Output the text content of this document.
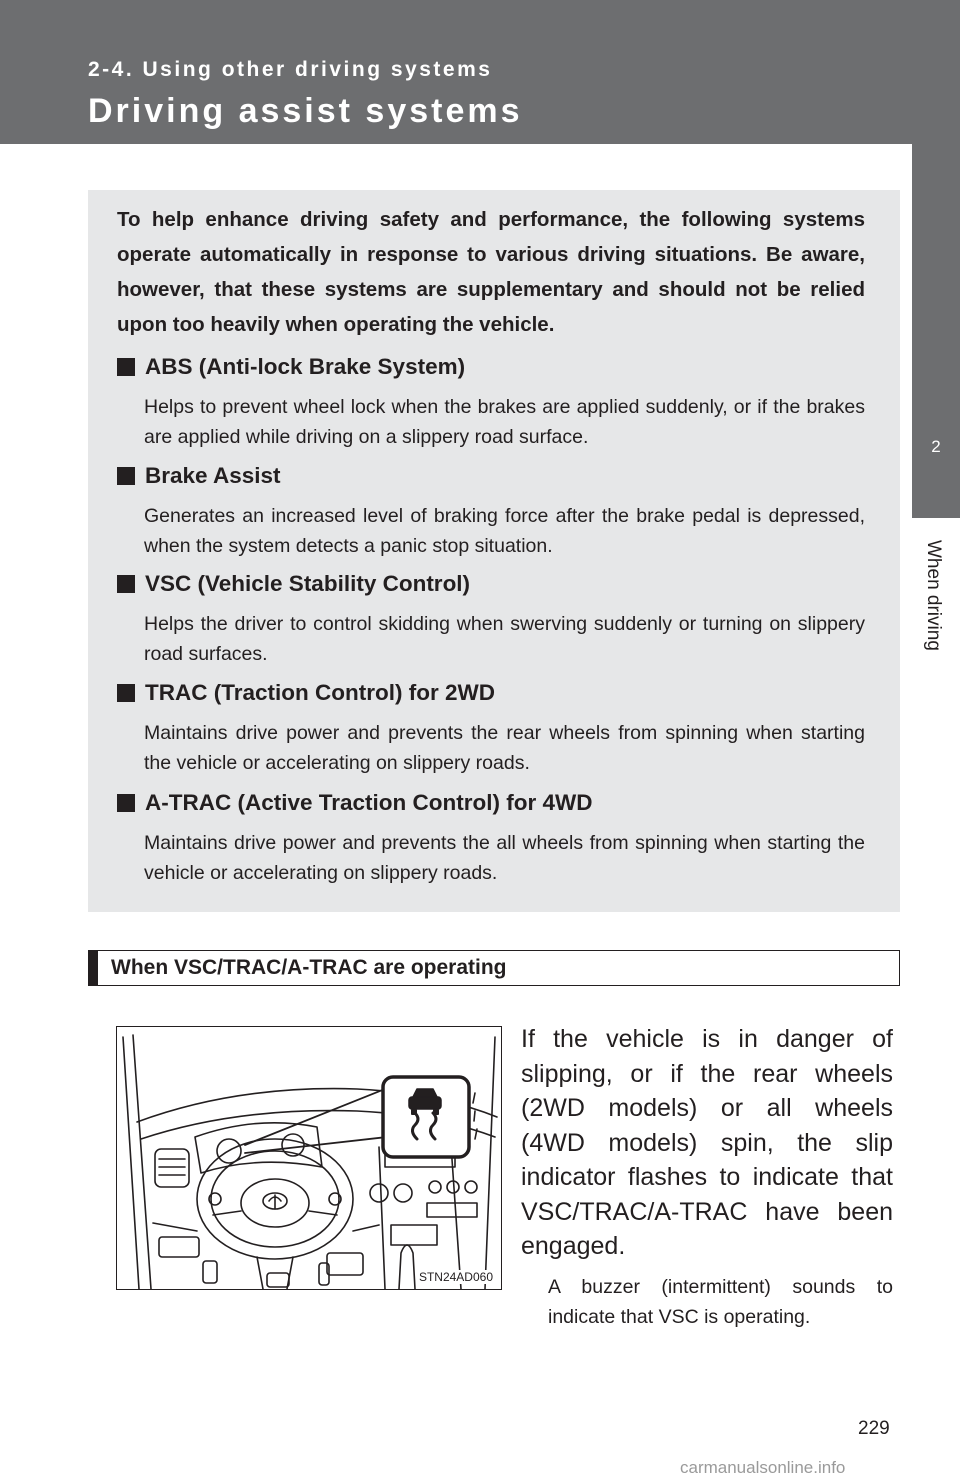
2-4. Using other driving systems

Driving assist systems
2
When driving

To help enhance driving safety and performance, the following systems operate automatically in response to various driving situations. Be aware, however, that these systems are supplementary and should not be relied upon too heavily when operating the vehicle.

ABS (Anti-lock Brake System)

Helps to prevent wheel lock when the brakes are applied suddenly, or if the brakes are applied while driving on a slippery road surface.

Brake Assist

Generates an increased level of braking force after the brake pedal is depressed, when the system detects a panic stop situation.

VSC (Vehicle Stability Control)

Helps the driver to control skidding when swerving suddenly or turning on slippery road surfaces.

TRAC (Traction Control) for 2WD

Maintains drive power and prevents the rear wheels from spinning when starting the vehicle or accelerating on slippery roads.

A-TRAC (Active Traction Control) for 4WD

Maintains drive power and prevents the all wheels from spinning when starting the vehicle or accelerating on slippery roads.

When VSC/TRAC/A-TRAC are operating
STN24AD060

If the vehicle is in danger of slipping, or if the rear wheels (2WD models) or all wheels (4WD models) spin, the slip indicator flashes to indicate that VSC/TRAC/A-TRAC have been engaged.

A buzzer (intermittent) sounds to indicate that VSC is operating.

229
carmanualsonline.info
